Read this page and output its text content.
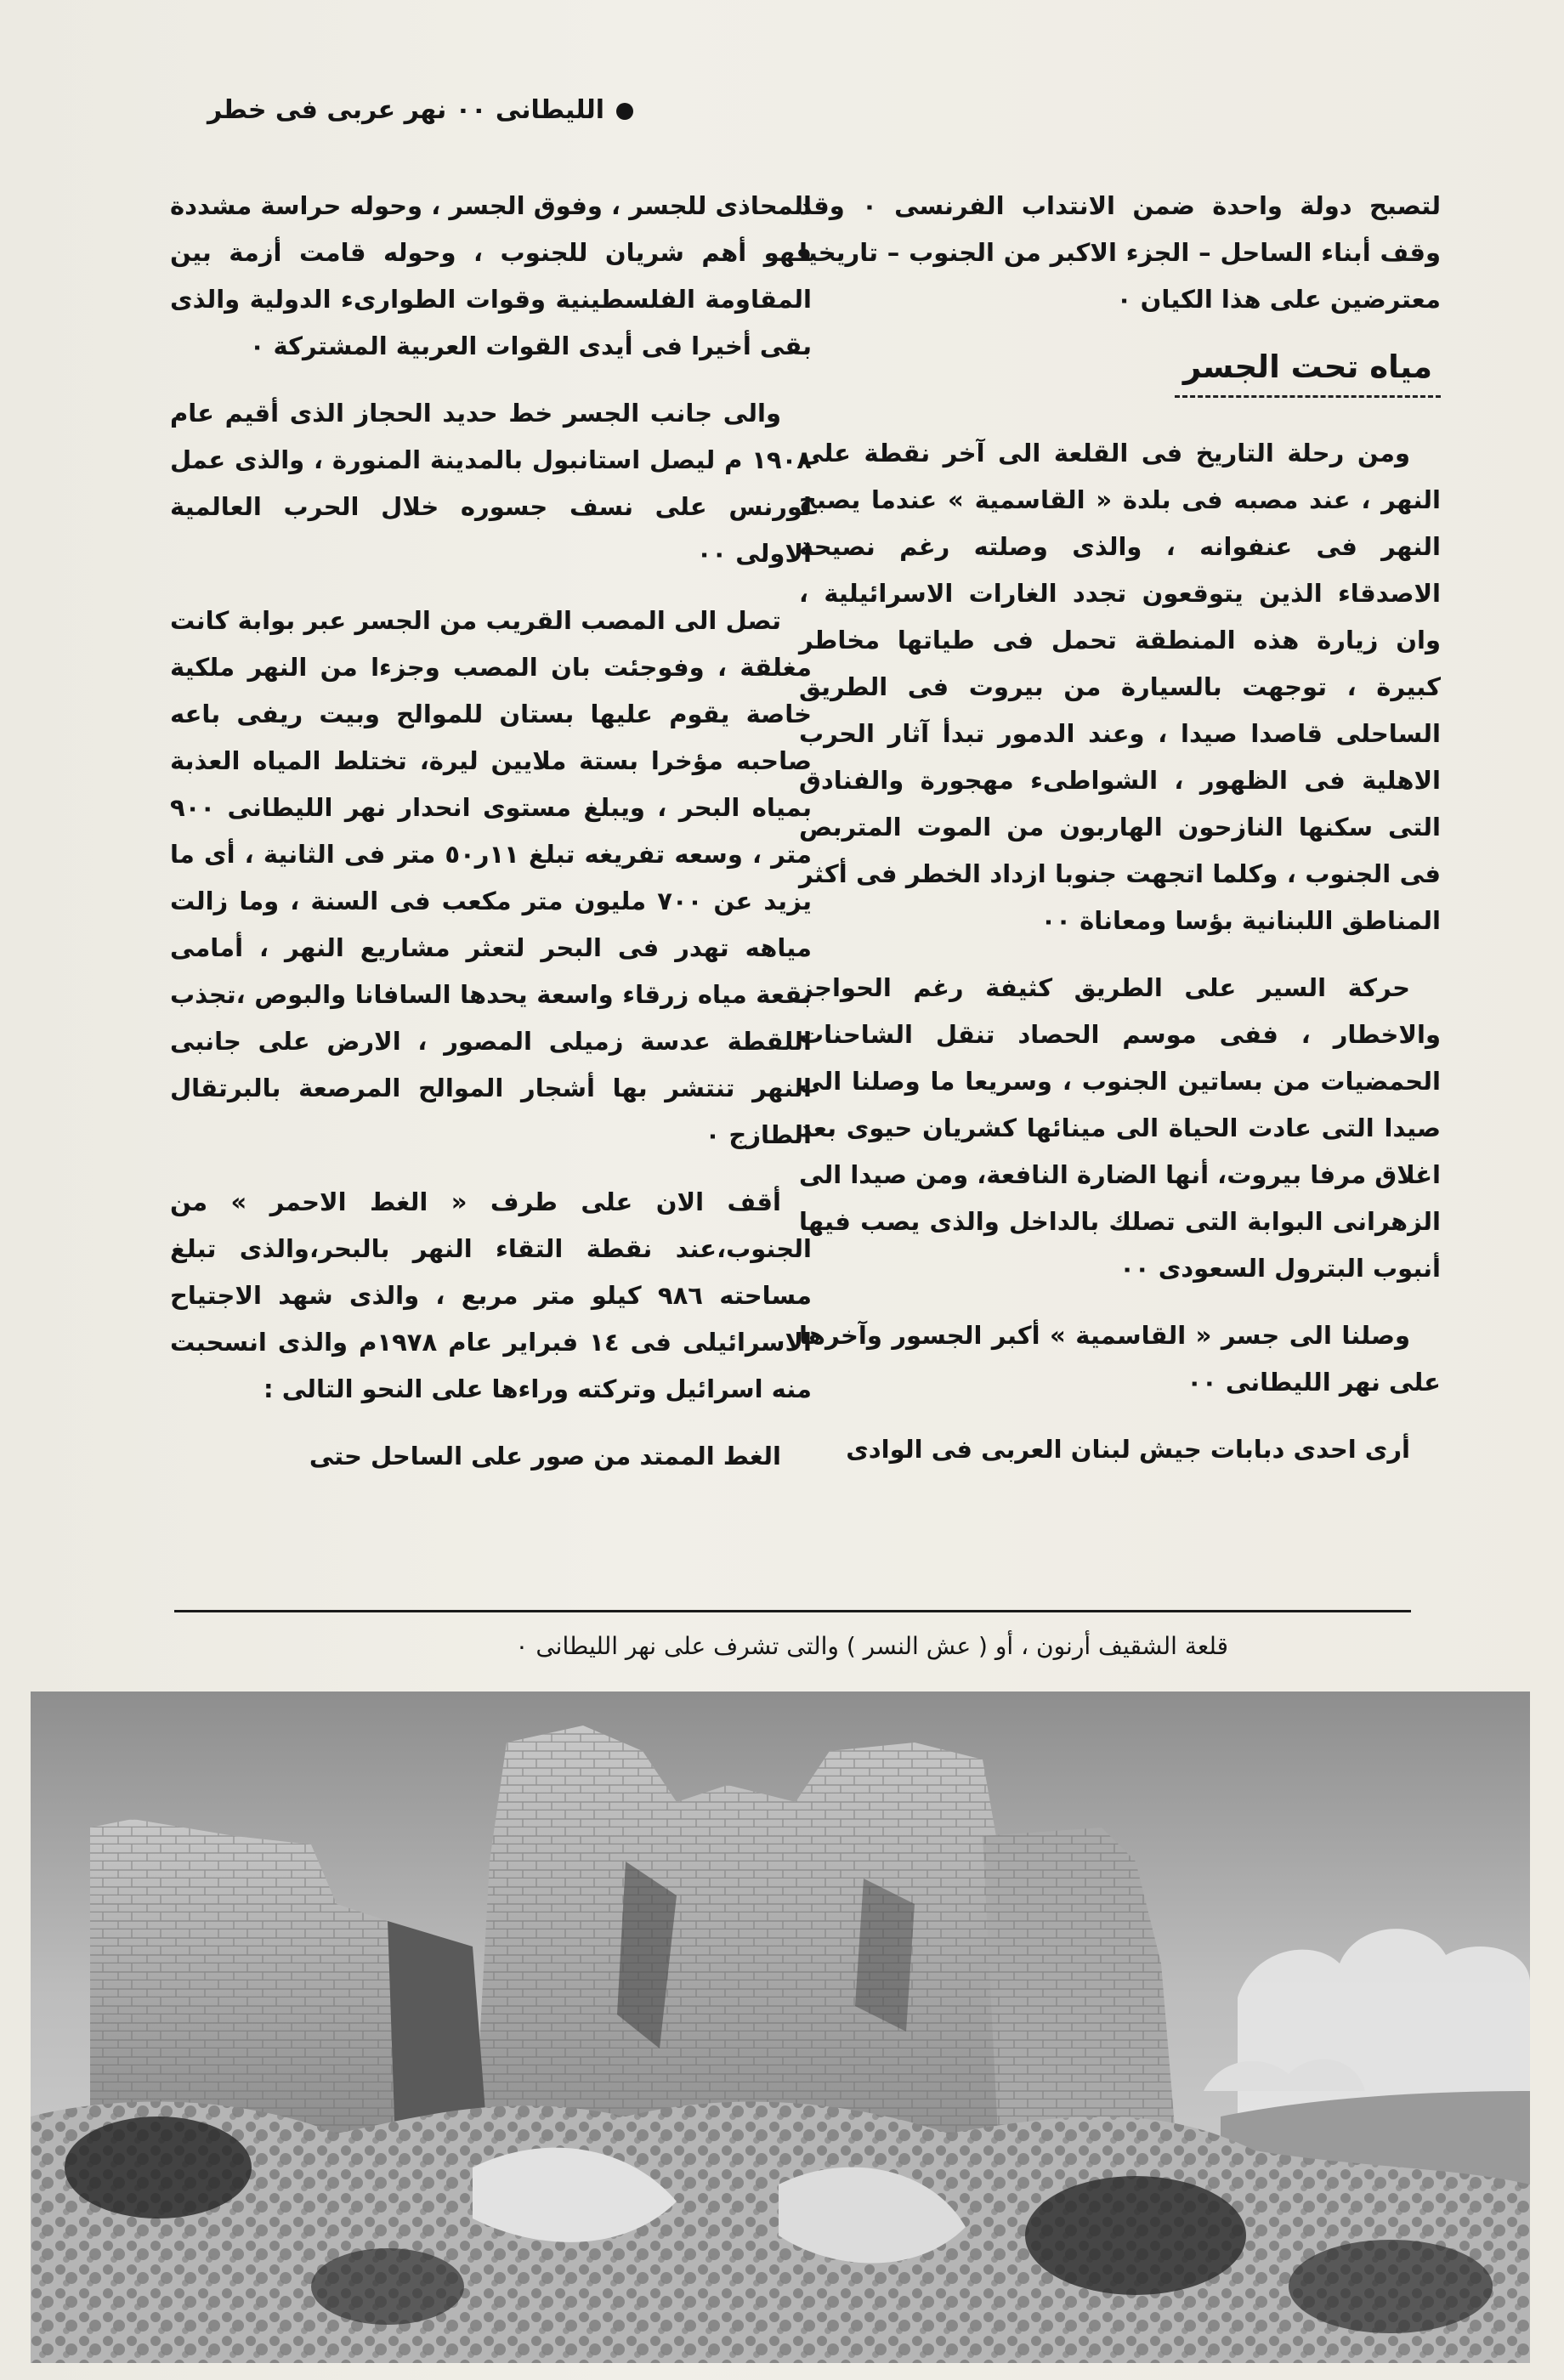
الليطانى ٠٠ نهر عربى فى خطر

لتصبح دولة واحدة ضمن الانتداب الفرنسى ٠ وقد وقف أبناء الساحل – الجزء الاكبر من الجنوب – تاريخيا معترضين على هذا الكيان ٠

مياه تحت الجسر

ومن رحلة التاريخ فى القلعة الى آخر نقطة على النهر ، عند مصبه فى بلدة « القاسمية » عندما يصبح النهر فى عنفوانه ، والذى وصلته رغم نصيحة الاصدقاء الذين يتوقعون تجدد الغارات الاسرائيلية ، وان زيارة هذه المنطقة تحمل فى طياتها مخاطر كبيرة ، توجهت بالسيارة من بيروت فى الطريق الساحلى قاصدا صيدا ، وعند الدمور تبدأ آثار الحرب الاهلية فى الظهور ، الشواطىء مهجورة والفنادق التى سكنها النازحون الهاربون من الموت المتربص فى الجنوب ، وكلما اتجهت جنوبا ازداد الخطر فى أكثر المناطق اللبنانية بؤسا ومعاناة ٠٠

حركة السير على الطريق كثيفة رغم الحواجز والاخطار ، ففى موسم الحصاد تنقل الشاحنات الحمضيات من بساتين الجنوب ، وسريعا ما وصلنا الى صيدا التى عادت الحياة الى مينائها كشريان حيوى بعد اغلاق مرفا بيروت، أنها الضارة النافعة، ومن صيدا الى الزهرانى البوابة التى تصلك بالداخل والذى يصب فيها أنبوب البترول السعودى ٠٠

وصلنا الى جسر « القاسمية » أكبر الجسور وآخرها على نهر الليطانى ٠٠

أرى احدى دبابات جيش لبنان العربى فى الوادى

المحاذى للجسر ، وفوق الجسر ، وحوله حراسة مشددة فهو أهم شريان للجنوب ، وحوله قامت أزمة بين المقاومة الفلسطينية وقوات الطوارىء الدولية والذى بقى أخيرا فى أيدى القوات العربية المشتركة ٠

والى جانب الجسر خط حديد الحجاز الذى أقيم عام ١٩٠٨ م ليصل استانبول بالمدينة المنورة ، والذى عمل لورنس على نسف جسوره خلال الحرب العالمية الاولى ٠٠

تصل الى المصب القريب من الجسر عبر بوابة كانت مغلقة ، وفوجئت بان المصب وجزءا من النهر ملكية خاصة يقوم عليها بستان للموالح وبيت ريفى باعه صاحبه مؤخرا بستة ملايين ليرة، تختلط المياه العذبة بمياه البحر ، ويبلغ مستوى انحدار نهر الليطانى ٩٠٠ متر ، وسعه تفريغه تبلغ ١١ر٥٠ متر فى الثانية ، أى ما يزيد عن ٧٠٠ مليون متر مكعب فى السنة ، وما زالت مياهه تهدر فى البحر لتعثر مشاريع النهر ، أمامى بقعة مياه زرقاء واسعة يحدها السافانا والبوص ،تجذب اللقطة عدسة زميلى المصور ، الارض على جانبى النهر تنتشر بها أشجار الموالح المرصعة بالبرتقال الطازج ٠

أقف الان على طرف « الغط الاحمر » من الجنوب،عند نقطة التقاء النهر بالبحر،والذى تبلغ مساحته ٩٨٦ كيلو متر مربع ، والذى شهد الاجتياح الاسرائيلى فى ١٤ فبراير عام ١٩٧٨م والذى انسحبت منه اسرائيل وتركته وراءها على النحو التالى :

الغط الممتد من صور على الساحل حتى

قلعة الشقيف أرنون ، أو ( عش النسر ) والتى تشرف على نهر الليطانى ٠
